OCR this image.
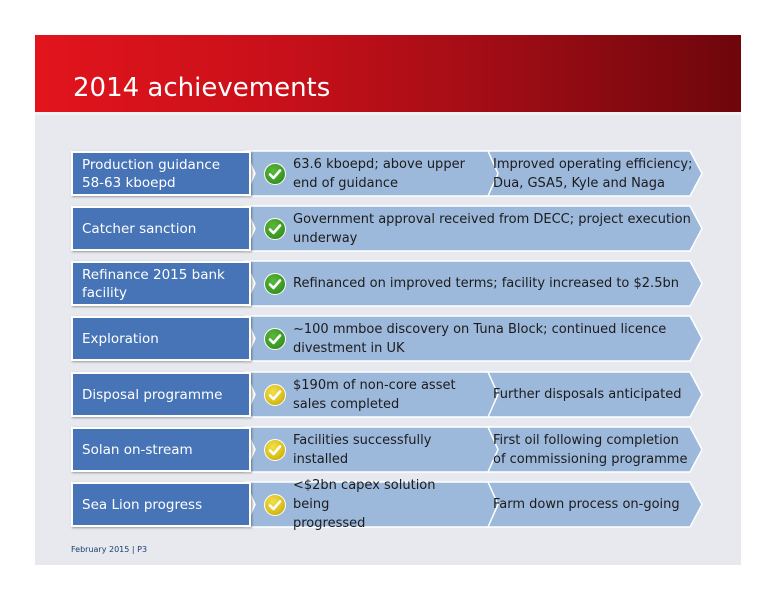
2014 achievements
Production guidance
58-63 kboepd
63.6 kboepd; above upper
end of guidance
Improved operating efficiency;
Dua, GSA5, Kyle and Naga
Catcher sanction
Government approval received from DECC; project execution
underway
Refinance 2015 bank
facility
Refinanced on improved terms; facility increased to $2.5bn
Exploration
~100 mmboe discovery on Tuna Block; continued licence
divestment in UK
Disposal programme
$190m of non-core asset
sales completed
Further disposals anticipated
Solan on-stream
Facilities successfully
installed
First oil following completion
of commissioning programme
Sea Lion progress
<$2bn capex solution being
progressed
Farm down process on-going
February 2015 | P3
